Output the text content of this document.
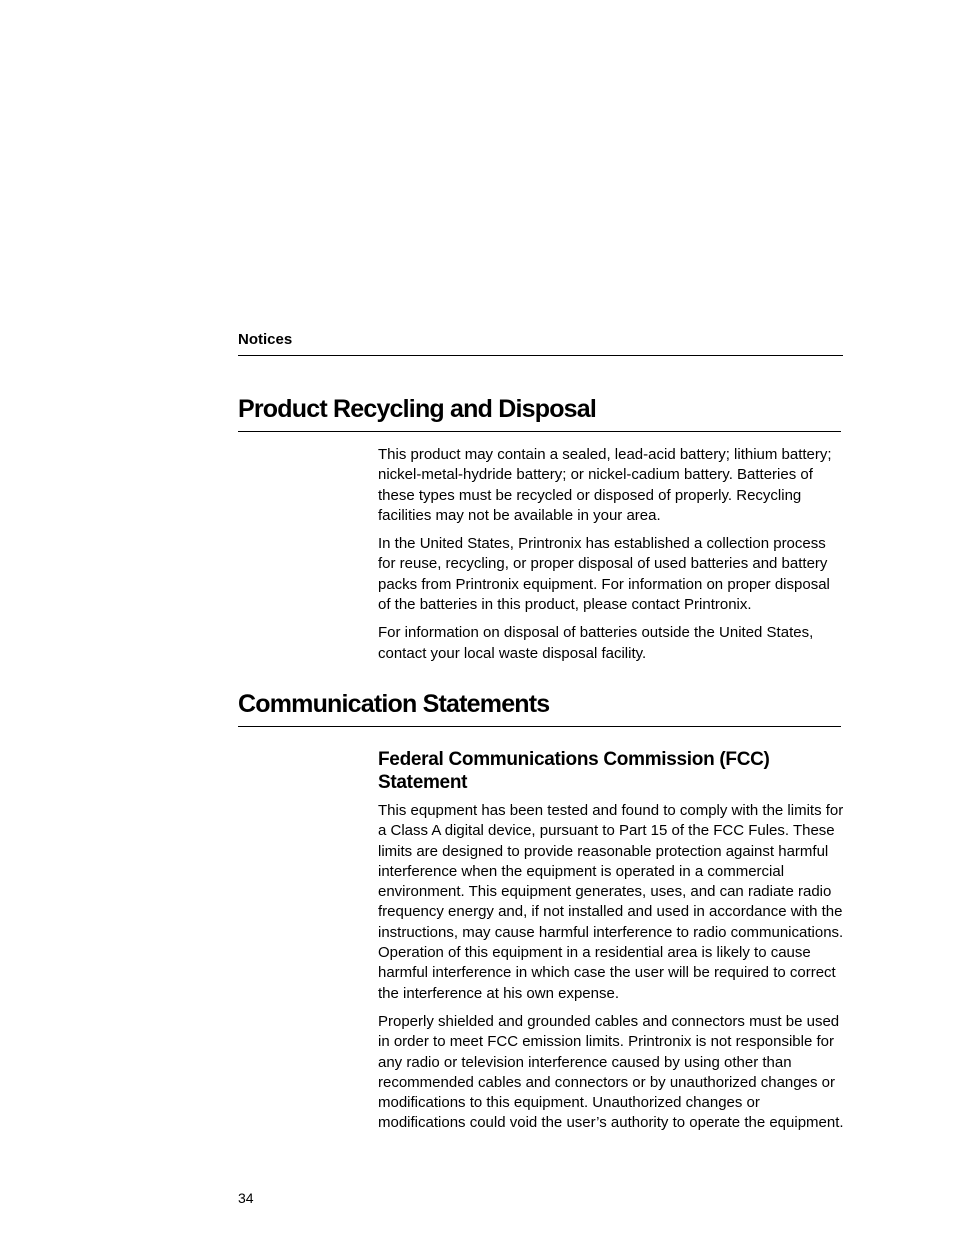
Notices
Product Recycling and Disposal

This product may contain a sealed, lead-acid battery; lithium battery; nickel-metal-hydride battery; or nickel-cadium battery. Batteries of these types must be recycled or disposed of properly. Recycling facilities may not be available in your area.

In the United States, Printronix has established a collection process for reuse, recycling, or proper disposal of used batteries and battery packs from Printronix equipment. For information on proper disposal of the batteries in this product, please contact Printronix.

For information on disposal of batteries outside the United States, contact your local waste disposal facility.

Communication Statements
Federal Communications Commission (FCC) Statement

This equpment has been tested and found to comply with the limits for a Class A digital device, pursuant to Part 15 of the FCC Fules. These limits are designed to provide reasonable protection against harmful interference when the equipment is operated in a commercial environment. This equipment generates, uses, and can radiate radio frequency energy and, if not installed and used in accordance with the instructions, may cause harmful interference to radio communications. Operation of this equipment in a residential area is likely to cause harmful interference in which case the user will be required to correct the interference at his own expense.

Properly shielded and grounded cables and connectors must be used in order to meet FCC emission limits. Printronix is not responsible for any radio or television interference caused by using other than recommended cables and connectors or by unauthorized changes or modifications to this equipment. Unauthorized changes or modifications could void the user’s authority to operate the equipment.

34
